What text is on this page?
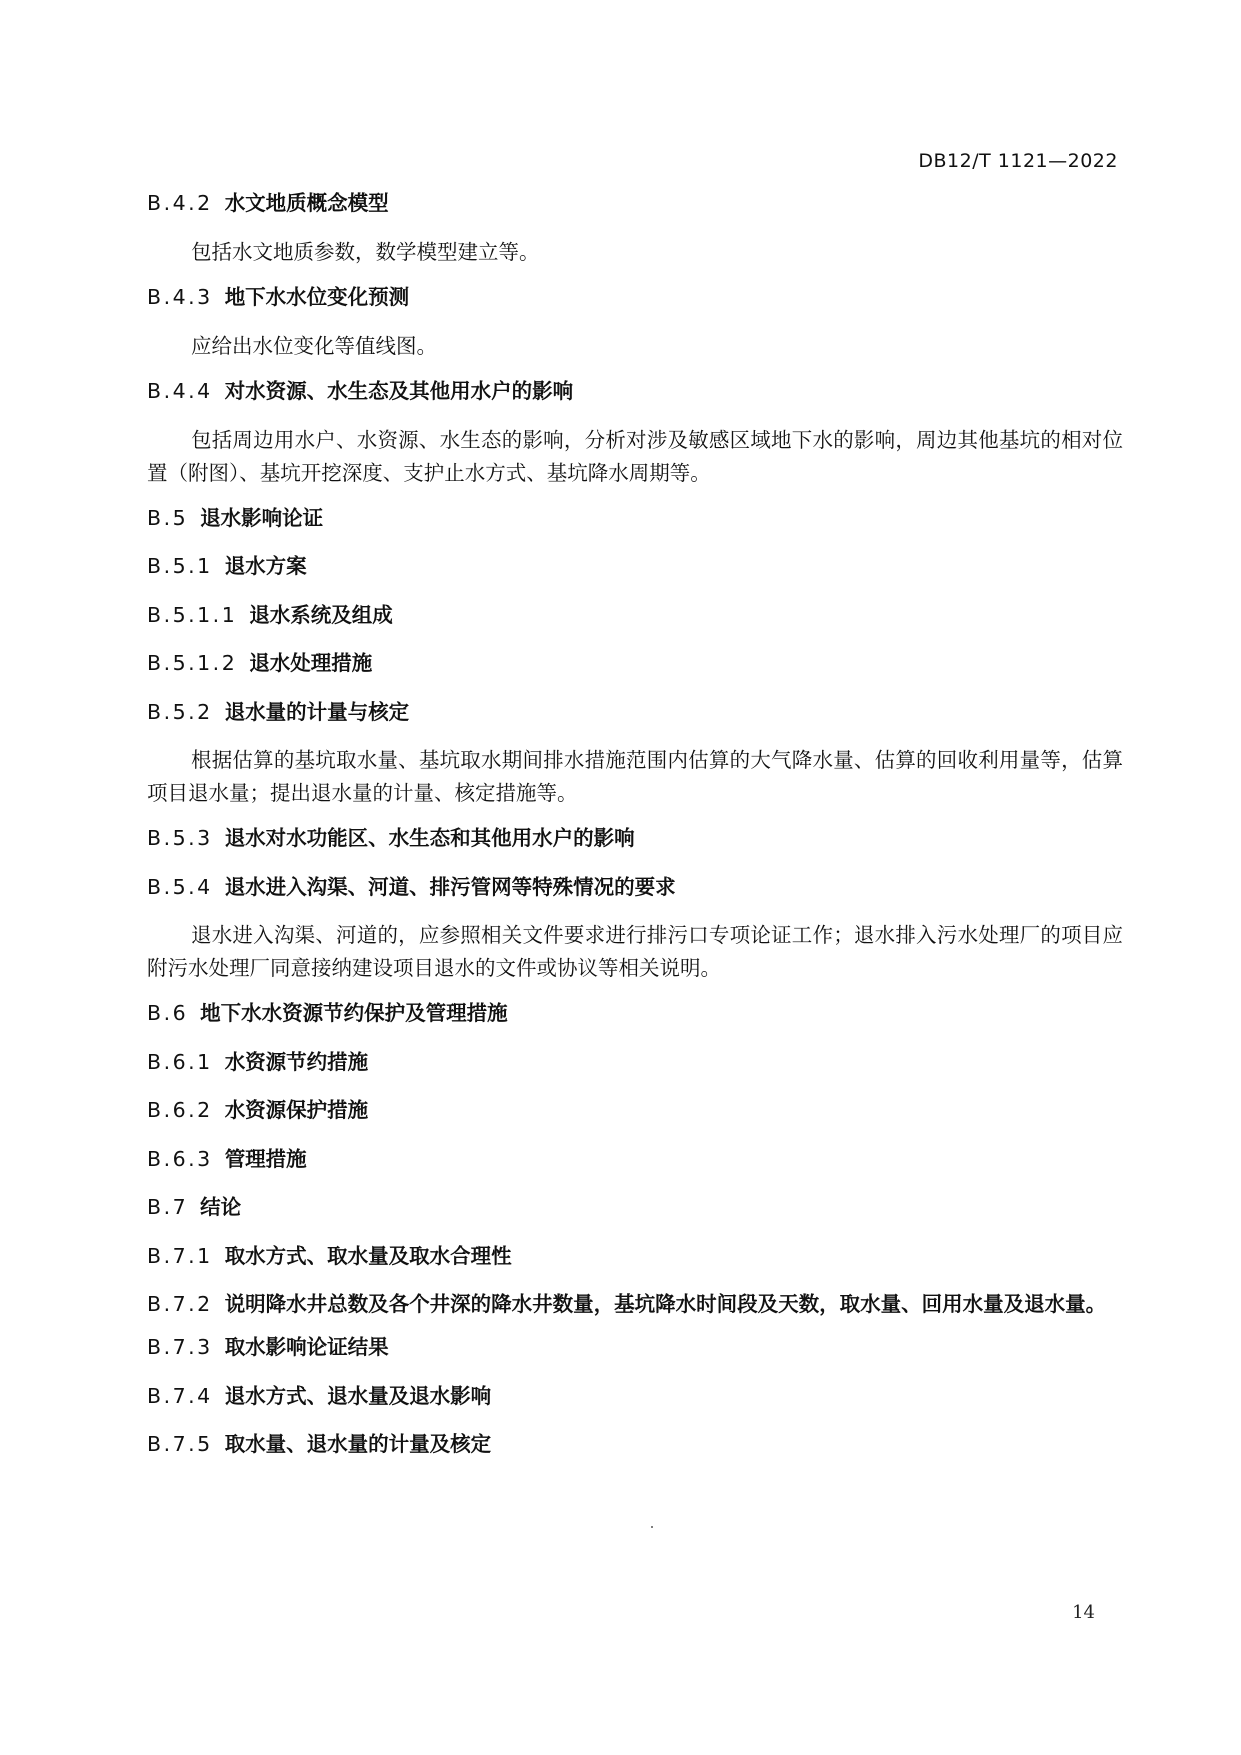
DB12/T 1121—2022
B.4.2 水文地质概念模型
包括水文地质参数，数学模型建立等。
B.4.3 地下水水位变化预测
应给出水位变化等值线图。
B.4.4 对水资源、水生态及其他用水户的影响
包括周边用水户、水资源、水生态的影响，分析对涉及敏感区域地下水的影响，周边其他基坑的相对位置（附图）、基坑开挖深度、支护止水方式、基坑降水周期等。
B.5 退水影响论证
B.5.1 退水方案
B.5.1.1 退水系统及组成
B.5.1.2 退水处理措施
B.5.2 退水量的计量与核定
根据估算的基坑取水量、基坑取水期间排水措施范围内估算的大气降水量、估算的回收利用量等，估算项目退水量；提出退水量的计量、核定措施等。
B.5.3 退水对水功能区、水生态和其他用水户的影响
B.5.4 退水进入沟渠、河道、排污管网等特殊情况的要求
退水进入沟渠、河道的，应参照相关文件要求进行排污口专项论证工作；退水排入污水处理厂的项目应附污水处理厂同意接纳建设项目退水的文件或协议等相关说明。
B.6 地下水水资源节约保护及管理措施
B.6.1 水资源节约措施
B.6.2 水资源保护措施
B.6.3 管理措施
B.7 结论
B.7.1 取水方式、取水量及取水合理性
B.7.2 说明降水井总数及各个井深的降水井数量，基坑降水时间段及天数，取水量、回用水量及退水量。
B.7.3 取水影响论证结果
B.7.4 退水方式、退水量及退水影响
B.7.5 取水量、退水量的计量及核定
14
